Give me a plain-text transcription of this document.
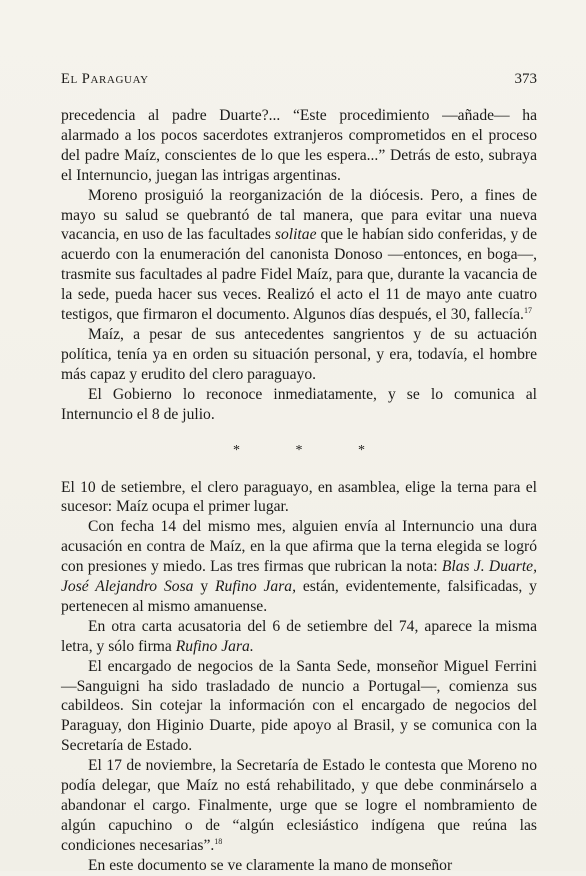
EL PARAGUAY	373

precedencia al padre Duarte?... “Este procedimiento —añade— ha alarmado a los pocos sacerdotes extranjeros comprometidos en el proceso del padre Maíz, conscientes de lo que les espera...” Detrás de esto, subraya el Internuncio, juegan las intrigas argentinas.

Moreno prosiguió la reorganización de la diócesis. Pero, a fines de mayo su salud se quebrantó de tal manera, que para evitar una nueva vacancia, en uso de las facultades solitae que le habían sido conferidas, y de acuerdo con la enumeración del canonista Donoso —entonces, en boga—, trasmite sus facultades al padre Fidel Maíz, para que, durante la vacancia de la sede, pueda hacer sus veces. Realizó el acto el 11 de mayo ante cuatro testigos, que firmaron el documento. Algunos días después, el 30, fallecía.$^{17}$

Maíz, a pesar de sus antecedentes sangrientos y de su actuación política, tenía ya en orden su situación personal, y era, todavía, el hombre más capaz y erudito del clero paraguayo.

El Gobierno lo reconoce inmediatamente, y se lo comunica al Internuncio el 8 de julio.

* * *

El 10 de setiembre, el clero paraguayo, en asamblea, elige la terna para el sucesor: Maíz ocupa el primer lugar.

Con fecha 14 del mismo mes, alguien envía al Internuncio una dura acusación en contra de Maíz, en la que afirma que la terna elegida se logró con presiones y miedo. Las tres firmas que rubrican la nota: Blas J. Duarte, José Alejandro Sosa y Rufino Jara, están, evidentemente, falsificadas, y pertenecen al mismo amanuense.

En otra carta acusatoria del 6 de setiembre del 74, aparece la misma letra, y sólo firma Rufino Jara.

El encargado de negocios de la Santa Sede, monseñor Miguel Ferrini —Sanguigni ha sido trasladado de nuncio a Portugal—, comienza sus cabildeos. Sin cotejar la información con el encargado de negocios del Paraguay, don Higinio Duarte, pide apoyo al Brasil, y se comunica con la Secretaría de Estado.

El 17 de noviembre, la Secretaría de Estado le contesta que Moreno no podía delegar, que Maíz no está rehabilitado, y que debe conminárselo a abandonar el cargo. Finalmente, urge que se logre el nombramiento de algún capuchino o de “algún eclesiástico indígena que reúna las condiciones necesarias”.$^{18}$

En este documento se ve claramente la mano de monseñor
